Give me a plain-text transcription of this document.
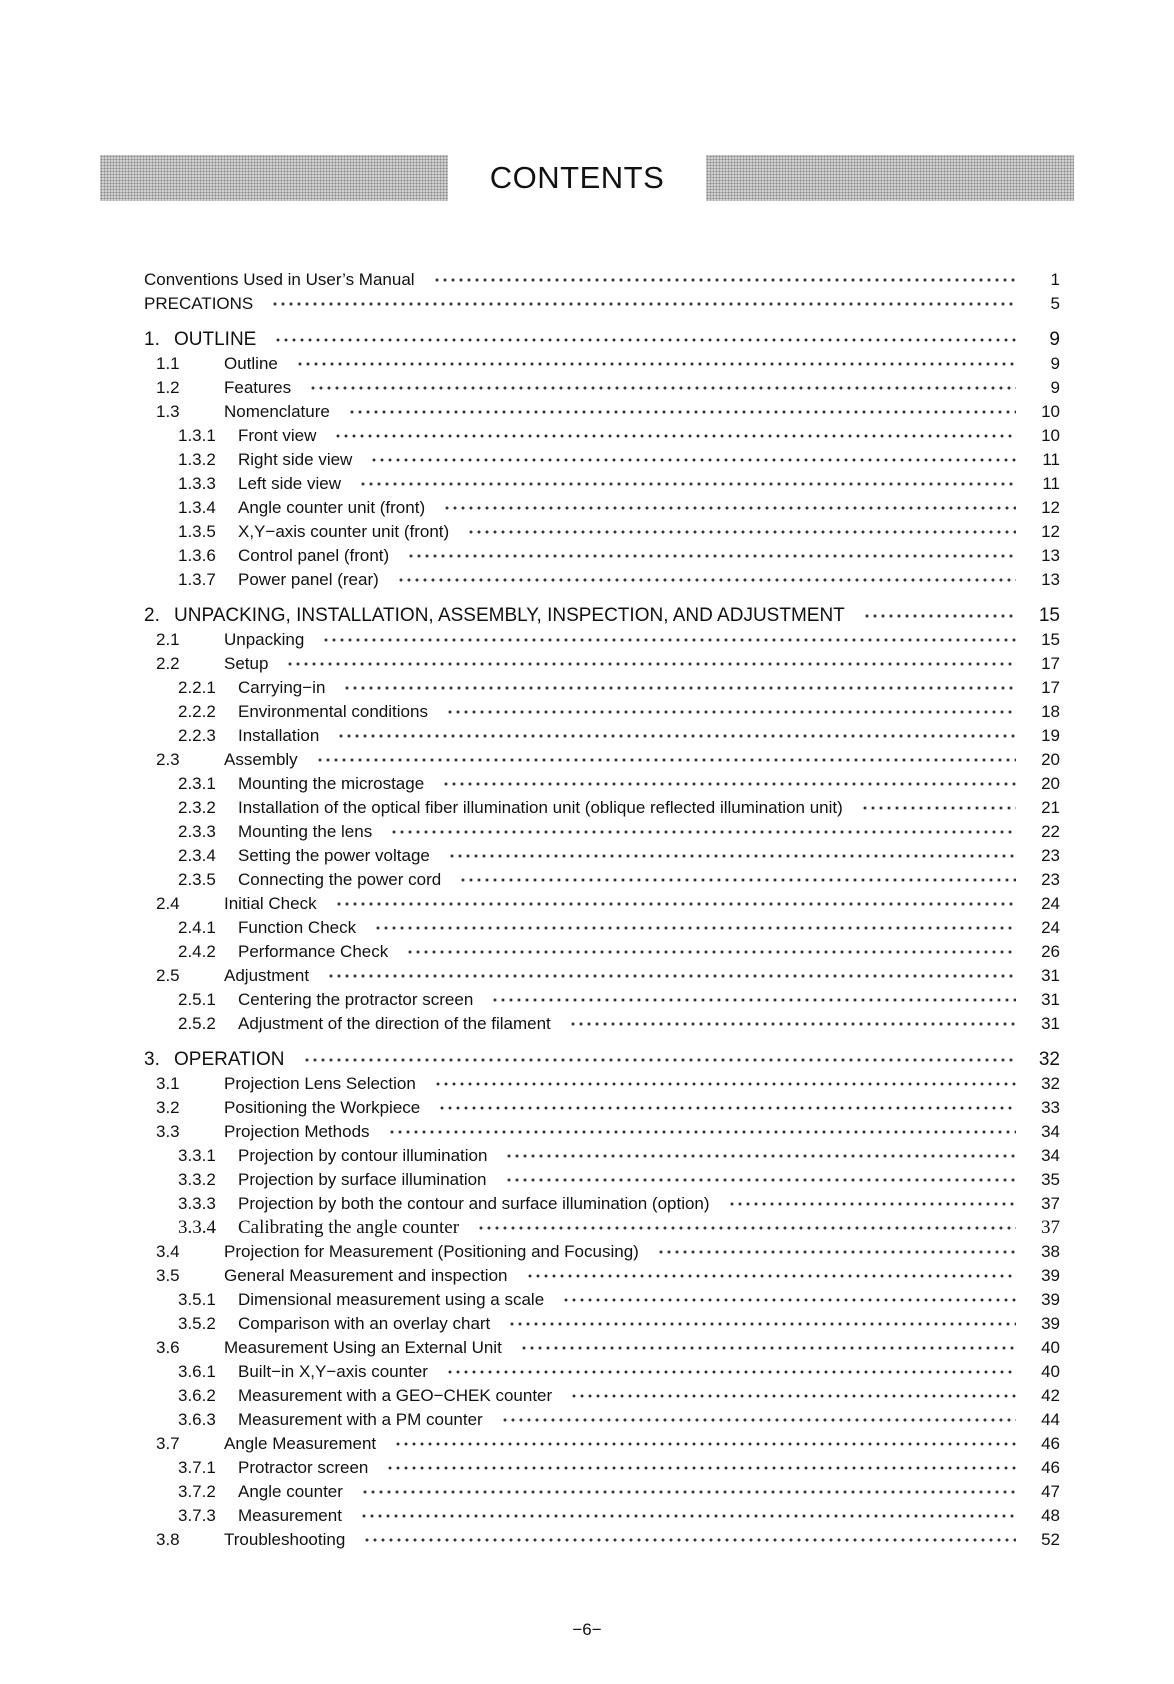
CONTENTS
Conventions Used in User’s Manual	1
PRECATIONS	5
1. OUTLINE	9
1.1	Outline	9
1.2	Features	9
1.3	Nomenclature	10
1.3.1	Front view	10
1.3.2	Right side view	11
1.3.3	Left side view	11
1.3.4	Angle counter unit (front)	12
1.3.5	X,Y−axis counter unit (front)	12
1.3.6	Control panel (front)	13
1.3.7	Power panel (rear)	13
2. UNPACKING, INSTALLATION, ASSEMBLY, INSPECTION, AND ADJUSTMENT	15
2.1	Unpacking	15
2.2	Setup	17
2.2.1	Carrying−in	17
2.2.2	Environmental conditions	18
2.2.3	Installation	19
2.3	Assembly	20
2.3.1	Mounting the microstage	20
2.3.2	Installation of the optical fiber illumination unit (oblique reflected illumination unit)	21
2.3.3	Mounting the lens	22
2.3.4	Setting the power voltage	23
2.3.5	Connecting the power cord	23
2.4	Initial Check	24
2.4.1	Function Check	24
2.4.2	Performance Check	26
2.5	Adjustment	31
2.5.1	Centering the protractor screen	31
2.5.2	Adjustment of the direction of the filament	31
3. OPERATION	32
3.1	Projection Lens Selection	32
3.2	Positioning the Workpiece	33
3.3	Projection Methods	34
3.3.1	Projection by contour illumination	34
3.3.2	Projection by surface illumination	35
3.3.3	Projection by both the contour and surface illumination (option)	37
3.3.4	Calibrating the angle counter	37
3.4	Projection for Measurement (Positioning and Focusing)	38
3.5	General Measurement and inspection	39
3.5.1	Dimensional measurement using a scale	39
3.5.2	Comparison with an overlay chart	39
3.6	Measurement Using an External Unit	40
3.6.1	Built−in X,Y−axis counter	40
3.6.2	Measurement with a GEO−CHEK counter	42
3.6.3	Measurement with a PM counter	44
3.7	Angle Measurement	46
3.7.1	Protractor screen	46
3.7.2	Angle counter	47
3.7.3	Measurement	48
3.8	Troubleshooting	52
−6−
